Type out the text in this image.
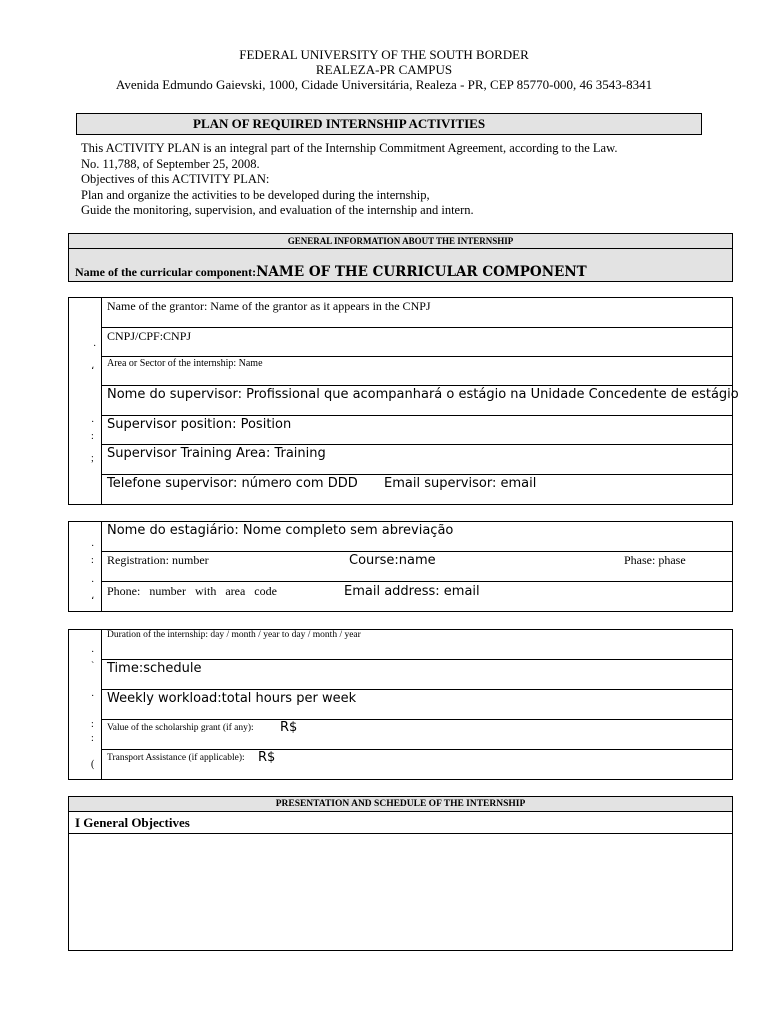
FEDERAL UNIVERSITY OF THE SOUTH BORDER
REALEZA-PR CAMPUS
Avenida Edmundo Gaievski, 1000, Cidade Universitária, Realeza - PR, CEP 85770-000, 46 3543-8341
PLAN OF REQUIRED INTERNSHIP ACTIVITIES
This ACTIVITY PLAN is an integral part of the Internship Commitment Agreement, according to the Law.
No. 11,788, of September 25, 2008.
Objectives of this ACTIVITY PLAN:
Plan and organize the activities to be developed during the internship,
Guide the monitoring, supervision, and evaluation of the internship and intern.
GENERAL INFORMATION ABOUT THE INTERNSHIP
Name of the curricular component:NAME OF THE CURRICULAR COMPONENT
·
،
·
:
;
Name of the grantor: Name of the grantor as it appears in the CNPJ
CNPJ/CPF:CNPJ
Area or Sector of the internship: Name
Nome do supervisor: Profissional que acompanhará o estágio na Unidade Concedente de estágio
Supervisor position: Position
Supervisor Training Area: Training
Telefone supervisor: número com DDD Email supervisor: email
·
:
·
،
Nome do estagiário: Nome completo sem abreviação
Registration: number	Course:name	Phase: phase
Phone:   number   with   area   code	Email address: email
·
`
·
:
:
(
Duration of the internship: day / month / year to day / month / year
Time:schedule
Weekly workload:total hours per week
Value of the scholarship grant (if any): R$
Transport Assistance (if applicable): R$
PRESENTATION AND SCHEDULE OF THE INTERNSHIP
I General Objectives
